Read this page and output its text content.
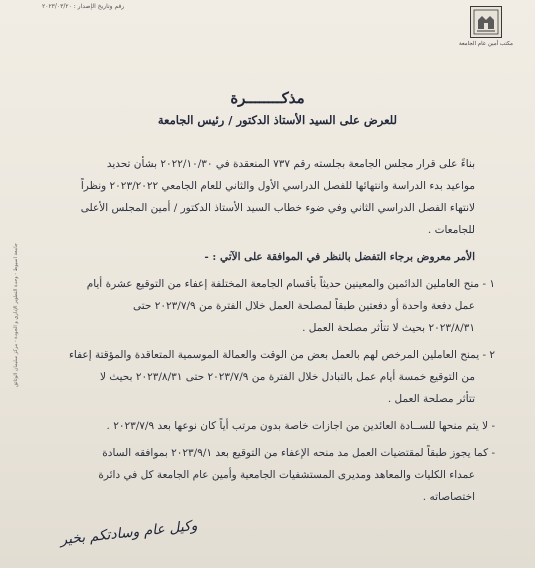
رقم وتاريخ الإصدار : ٢٠٢٣/٠٣/٢٠
مكتب أمين عام الجامعة
مذكــــــــرة
للعرض على السيد الأستاذ الدكتور / رئيس الجامعة
بناءً على قرار مجلس الجامعة بجلسته رقم ٧٣٧ المنعقدة في ٢٠٢٢/١٠/٣٠ بشأن تحديد
مواعيد بدء الدراسة وانتهائها للفصل الدراسي الأول والثاني للعام الجامعي ٢٠٢٣/٢٠٢٢ ونظراً
لانتهاء الفصل الدراسي الثاني وفي ضوء خطاب السيد الأستاذ الدكتور / أمين المجلس الأعلى
للجامعات .
الأمر معروض برجاء التفضل بالنظر في الموافقة على الآتي : -
١ - منح العاملين الدائمين والمعينين حديثاً بأقسام الجامعة المختلفة إعفاء من التوقيع عشرة أيام
عمل دفعة واحدة أو دفعتين طبقاً لمصلحة العمل خلال الفترة من ٢٠٢٣/٧/٩ حتى
٢٠٢٣/٨/٣١ بحيث لا تتأثر مصلحة العمل .
٢ - يمنح العاملين المرخص لهم بالعمل بعض من الوقت والعمالة الموسمية المتعاقدة والمؤقتة إعفاء
من التوقيع خمسة أيام عمل بالتبادل خلال الفترة من ٢٠٢٣/٧/٩ حتى ٢٠٢٣/٨/٣١ بحيث لا
تتأثر مصلحة العمل .
- لا يتم منحها للســادة العائدين من اجازات خاصة بدون مرتب أياً كان نوعها بعد ٢٠٢٣/٧/٩ .
- كما يجوز طبقاً لمقتضيات العمل مد منحه الإعفاء من التوقيع بعد ٢٠٢٣/٩/١ بموافقه السادة
عمداء الكليات والمعاهد ومديرى المستشفيات الجامعية وأمين عام الجامعة كل في دائرة
اختصاصاته .
جامعة اسيوط - وحدة التطوير الإداري و الجودة - مركز سليمان الوثائق
وكيل عام وسادتكم بخير
